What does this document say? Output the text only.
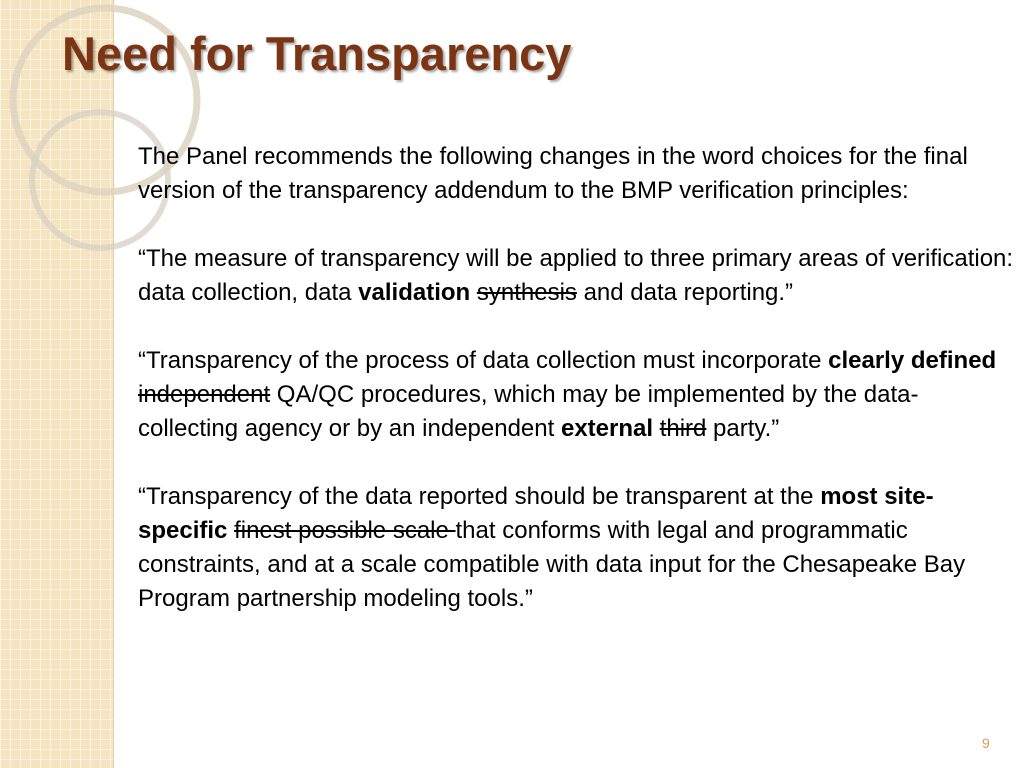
Need for Transparency

The Panel recommends the following changes in the word choices for the final version of the transparency addendum to the BMP verification principles:

“The measure of transparency will be applied to three primary areas of verification: data collection, data validation synthesis and data reporting.”

“Transparency of the process of data collection must incorporate clearly defined independent QA/QC procedures, which may be implemented by the data-collecting agency or by an independent external third party.”

“Transparency of the data reported should be transparent at the most site-specific finest possible scale that conforms with legal and programmatic constraints, and at a scale compatible with data input for the Chesapeake Bay Program partnership modeling tools.”

9
